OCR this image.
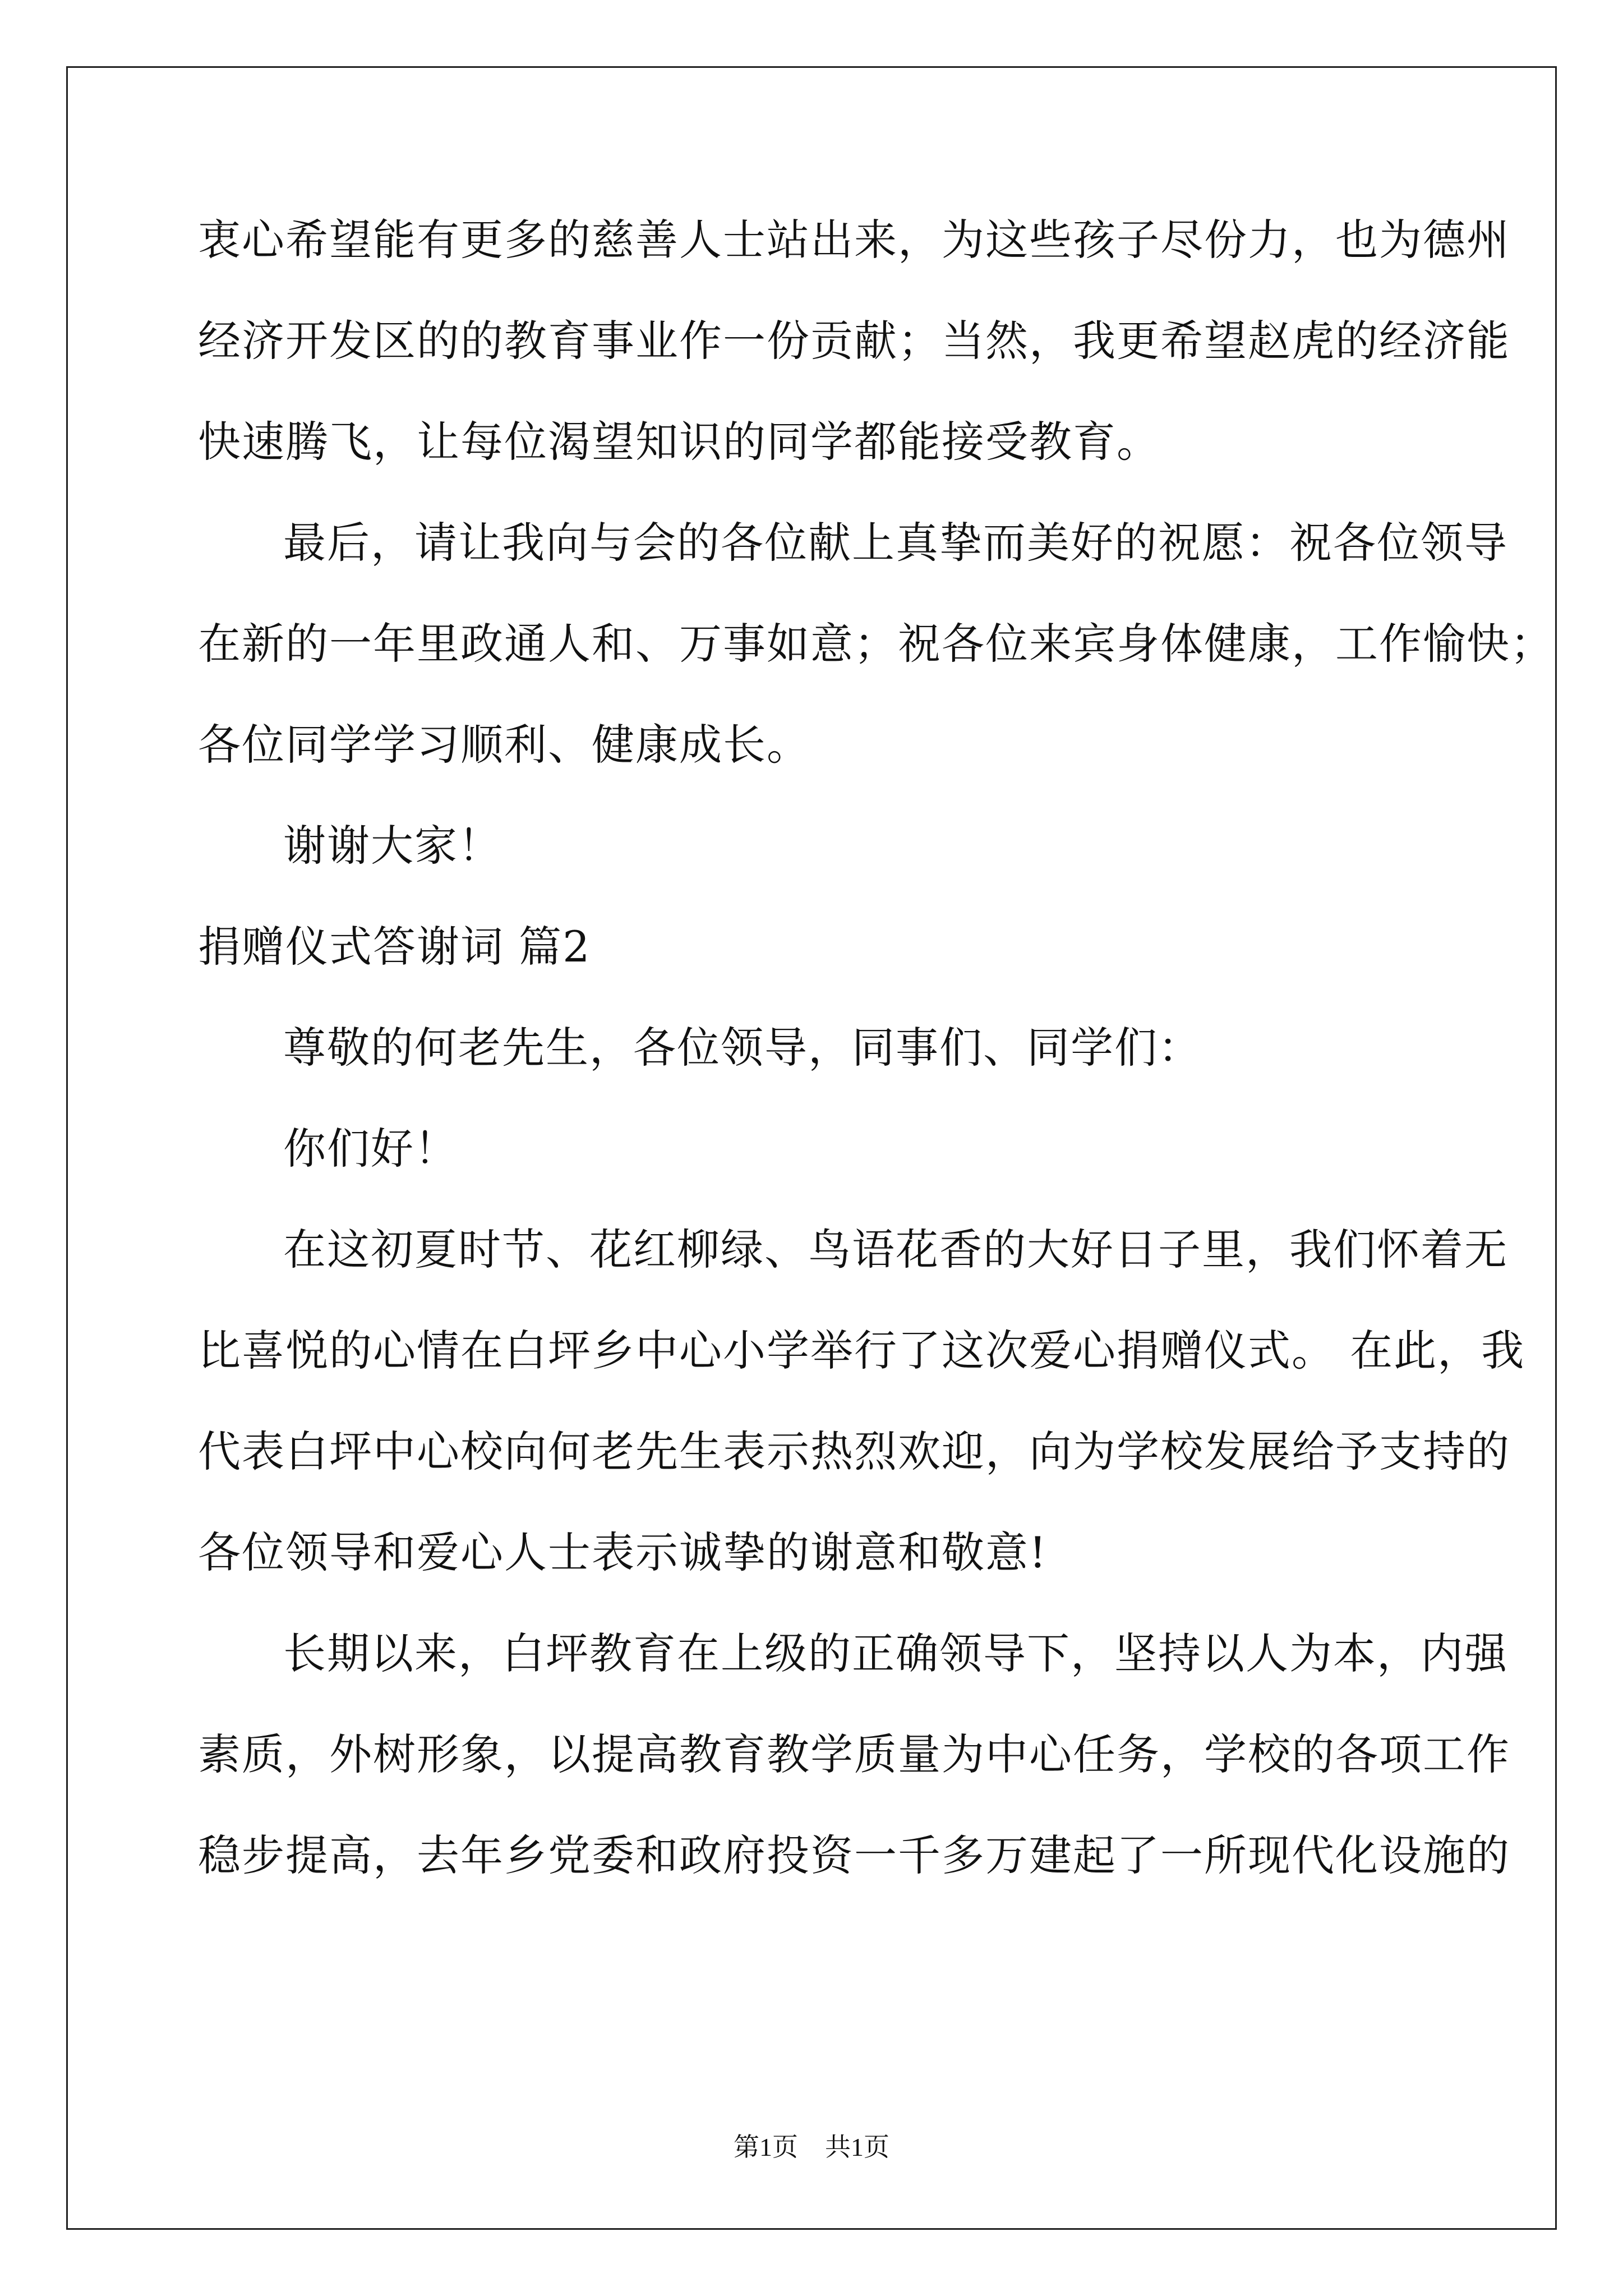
衷心希望能有更多的慈善人士站出来，为这些孩子尽份力，也为德州
经济开发区的的教育事业作一份贡献；当然，我更希望赵虎的经济能
快速腾飞，让每位渴望知识的同学都能接受教育。
最后，请让我向与会的各位献上真挚而美好的祝愿：祝各位领导
在新的一年里政通人和、万事如意；祝各位来宾身体健康，工作愉快；
各位同学学习顺利、健康成长。
谢谢大家！
捐赠仪式答谢词 篇2
尊敬的何老先生，各位领导，同事们、同学们：
你们好！
在这初夏时节、花红柳绿、鸟语花香的大好日子里，我们怀着无
比喜悦的心情在白坪乡中心小学举行了这次爱心捐赠仪式。 在此，我
代表白坪中心校向何老先生表示热烈欢迎，向为学校发展给予支持的
各位领导和爱心人士表示诚挚的谢意和敬意!
长期以来，白坪教育在上级的正确领导下，坚持以人为本，内强
素质，外树形象，以提高教育教学质量为中心任务，学校的各项工作
稳步提高，去年乡党委和政府投资一千多万建起了一所现代化设施的
第1页 共1页
